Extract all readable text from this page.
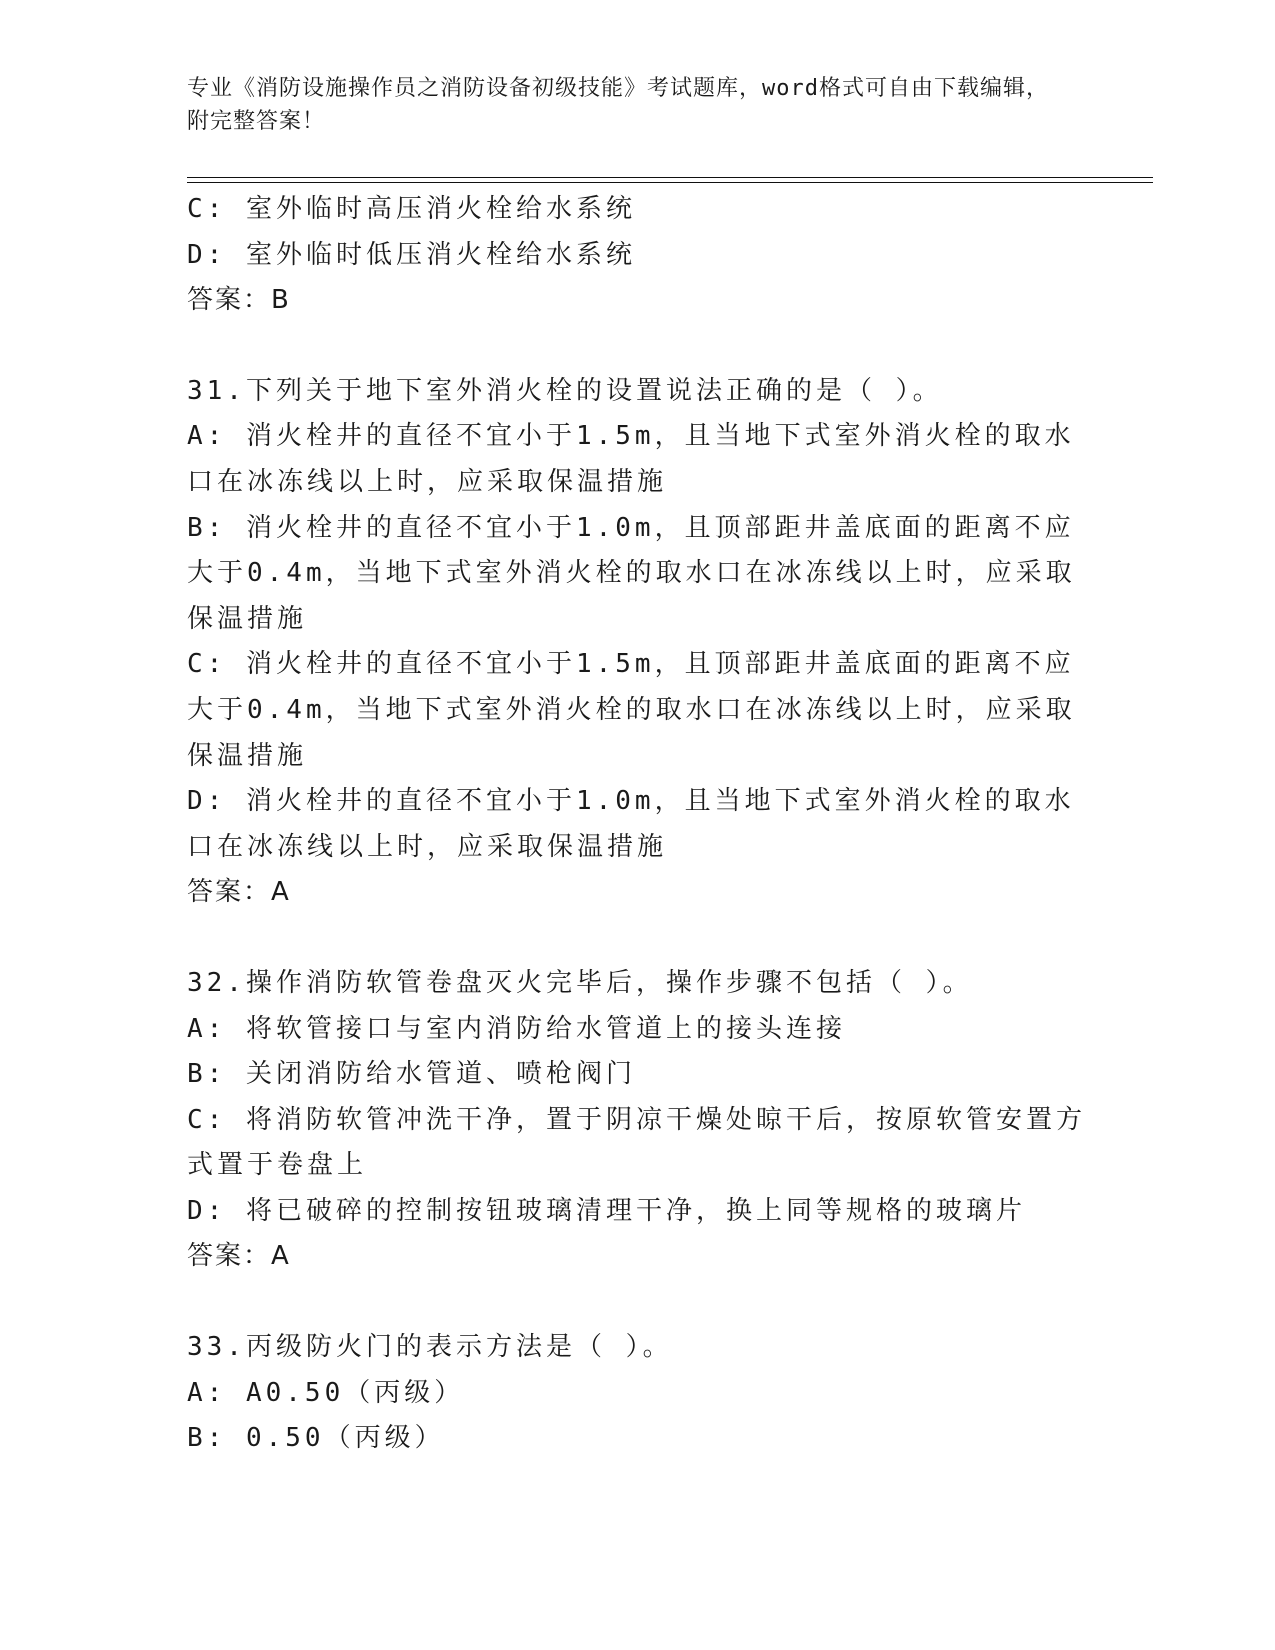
专业《消防设施操作员之消防设备初级技能》考试题库，word格式可自由下载编辑，附完整答案！
C: 室外临时高压消火栓给水系统
D: 室外临时低压消火栓给水系统
答案：B
31.下列关于地下室外消火栓的设置说法正确的是（ ）。
A: 消火栓井的直径不宜小于1.5m，且当地下式室外消火栓的取水口在冰冻线以上时，应采取保温措施
B: 消火栓井的直径不宜小于1.0m，且顶部距井盖底面的距离不应大于0.4m，当地下式室外消火栓的取水口在冰冻线以上时，应采取保温措施
C: 消火栓井的直径不宜小于1.5m，且顶部距井盖底面的距离不应大于0.4m，当地下式室外消火栓的取水口在冰冻线以上时，应采取保温措施
D: 消火栓井的直径不宜小于1.0m，且当地下式室外消火栓的取水口在冰冻线以上时，应采取保温措施
答案：A
32.操作消防软管卷盘灭火完毕后，操作步骤不包括（ ）。
A: 将软管接口与室内消防给水管道上的接头连接
B: 关闭消防给水管道、喷枪阀门
C: 将消防软管冲洗干净，置于阴凉干燥处晾干后，按原软管安置方式置于卷盘上
D: 将已破碎的控制按钮玻璃清理干净，换上同等规格的玻璃片
答案：A
33.丙级防火门的表示方法是（ ）。
A: A0.50（丙级）
B: 0.50（丙级）
